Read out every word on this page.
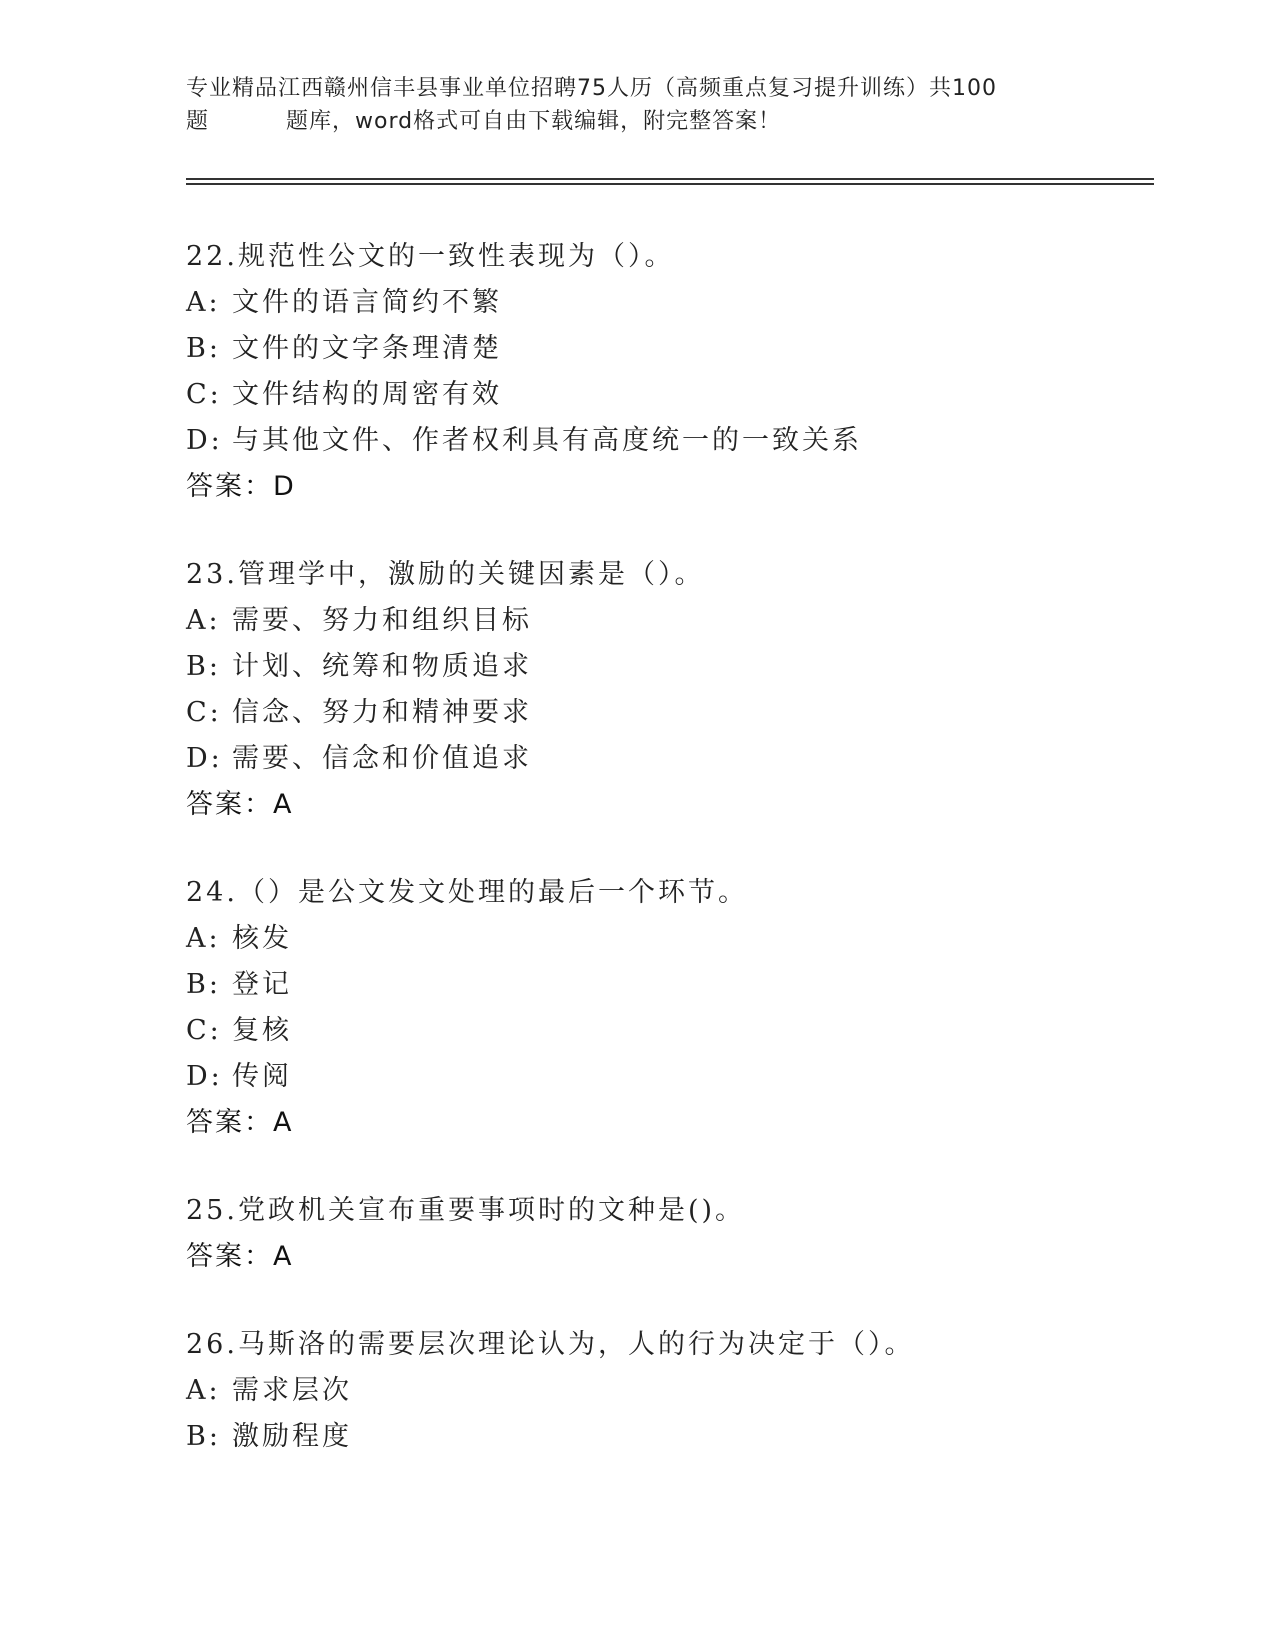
专业精品江西赣州信丰县事业单位招聘75人历（高频重点复习提升训练）共100
题	题库，word格式可自由下载编辑，附完整答案！
22.规范性公文的一致性表现为（）。
A: 文件的语言简约不繁
B: 文件的文字条理清楚
C: 文件结构的周密有效
D: 与其他文件、作者权利具有高度统一的一致关系
答案：D
23.管理学中，激励的关键因素是（）。
A: 需要、努力和组织目标
B: 计划、统筹和物质追求
C: 信念、努力和精神要求
D: 需要、信念和价值追求
答案：A
24.（）是公文发文处理的最后一个环节。
A: 核发
B: 登记
C: 复核
D: 传阅
答案：A
25.党政机关宣布重要事项时的文种是()。
答案：A
26.马斯洛的需要层次理论认为，人的行为决定于（）。
A: 需求层次
B: 激励程度
